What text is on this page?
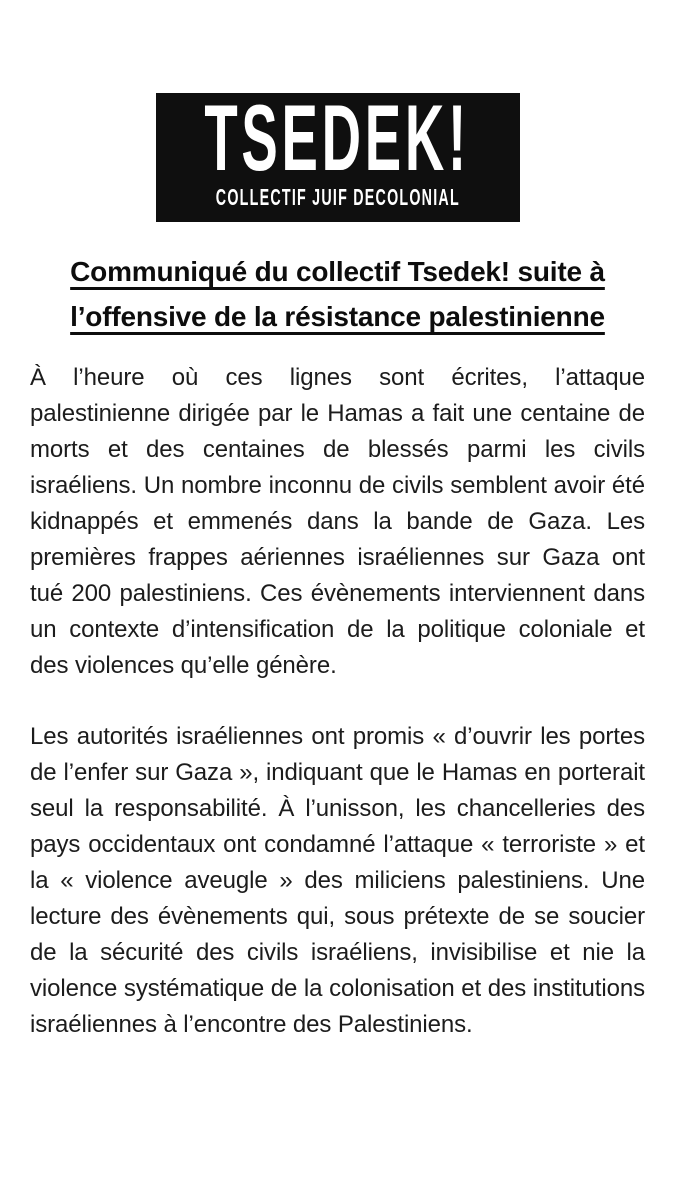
TSEDEK!
COLLECTIF JUIF DECOLONIAL
Communiqué du collectif Tsedek! suite à
l’offensive de la résistance palestinienne

À l’heure où ces lignes sont écrites, l’attaque palestinienne dirigée par le Hamas a fait une centaine de morts et des centaines de blessés parmi les civils israéliens. Un nombre inconnu de civils semblent avoir été kidnappés et emmenés dans la bande de Gaza. Les premières frappes aériennes israéliennes sur Gaza ont tué 200 palestiniens. Ces évènements interviennent dans un contexte d’intensification de la politique coloniale et des violences qu’elle génère.

Les autorités israéliennes ont promis « d’ouvrir les portes de l’enfer sur Gaza », indiquant que le Hamas en porterait seul la responsabilité. À l’unisson, les chancelleries des pays occidentaux ont condamné l’attaque « terroriste » et la « violence aveugle » des miliciens palestiniens. Une lecture des évènements qui, sous prétexte de se soucier de la sécurité des civils israéliens, invisibilise et nie la violence systématique de la colonisation et des institutions israéliennes à l’encontre des Palestiniens.
